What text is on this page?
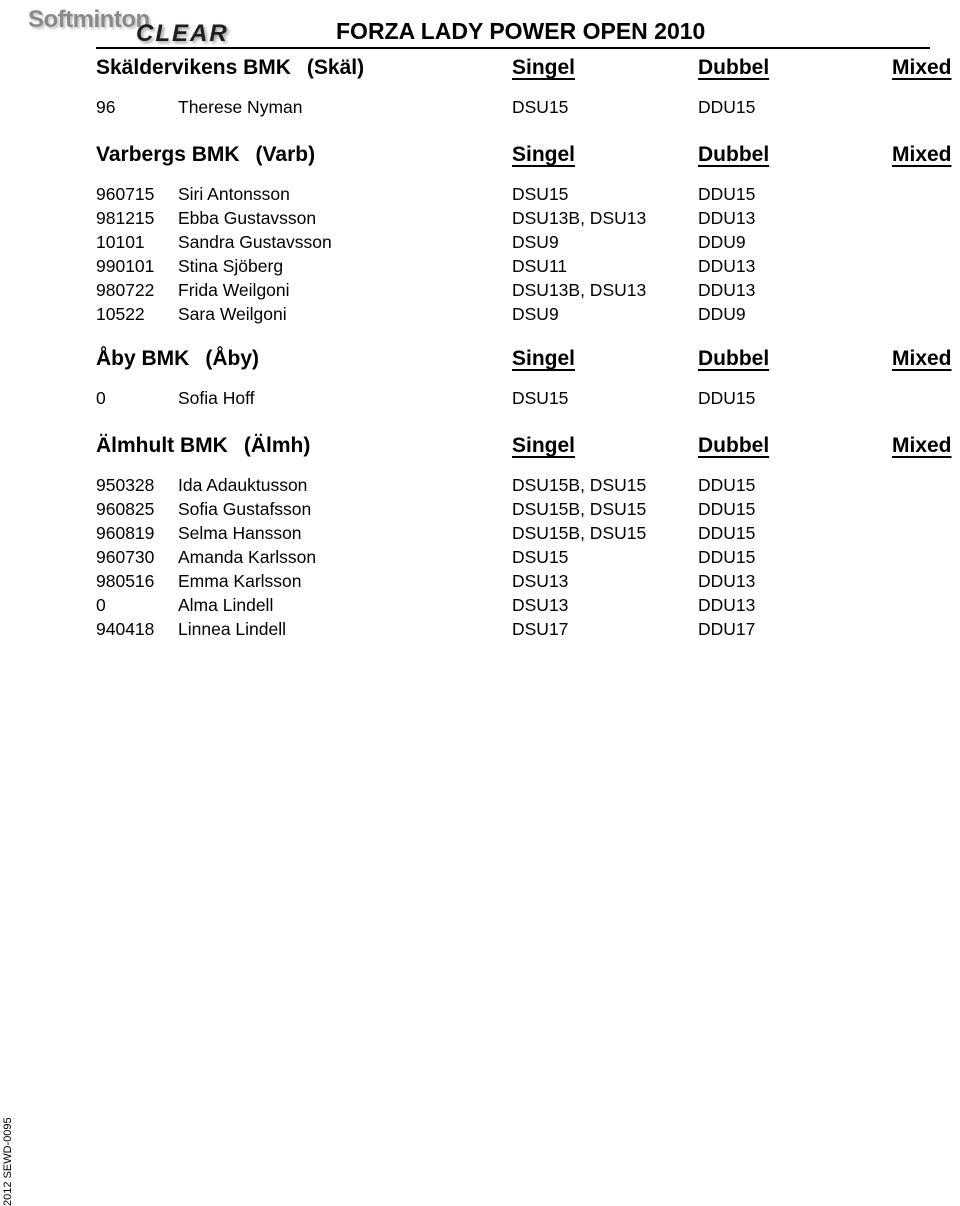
Softminton
CLEAR	FORZA LADY POWER OPEN 2010
Skäldervikens BMK (Skäl)	Singel	Dubbel	Mixed
96	Therese Nyman	DSU15	DDU15
Varbergs BMK (Varb)	Singel	Dubbel	Mixed
960715 Siri Antonsson	DSU15	DDU15
981215 Ebba Gustavsson	DSU13B, DSU13	DDU13
10101 Sandra Gustavsson	DSU9	DDU9
990101 Stina Sjöberg	DSU11	DDU13
980722 Frida Weilgoni	DSU13B, DSU13	DDU13
10522 Sara Weilgoni	DSU9	DDU9
Åby BMK (Åby)	Singel	Dubbel	Mixed
0	Sofia Hoff	DSU15	DDU15
Älmhult BMK (Älmh)	Singel	Dubbel	Mixed
950328 Ida Adauktusson	DSU15B, DSU15	DDU15
960825 Sofia Gustafsson	DSU15B, DSU15	DDU15
960819 Selma Hansson	DSU15B, DSU15	DDU15
960730 Amanda Karlsson	DSU15	DDU15
980516 Emma Karlsson	DSU13	DDU13
0	Alma Lindell	DSU13	DDU13
940418 Linnea Lindell	DSU17	DDU17
2012 SEWD-0095
